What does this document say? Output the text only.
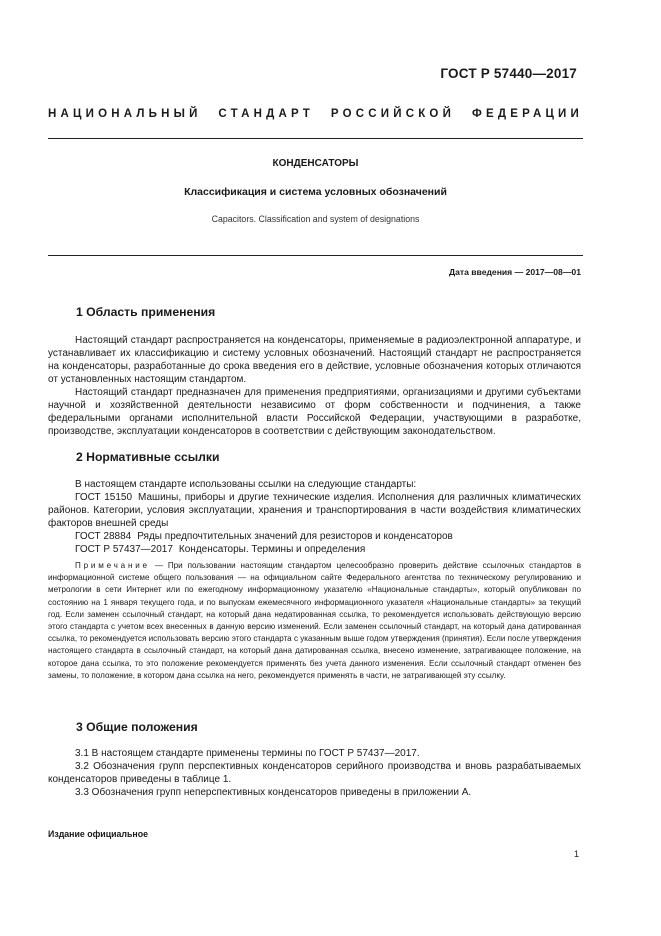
ГОСТ Р 57440—2017
НАЦИОНАЛЬНЫЙ СТАНДАРТ РОССИЙСКОЙ ФЕДЕРАЦИИ
КОНДЕНСАТОРЫ
Классификация и система условных обозначений
Capacitors. Classification and system of designations
Дата введения — 2017—08—01
1 Область применения

Настоящий стандарт распространяется на конденсаторы, применяемые в радиоэлектронной аппаратуре, и устанавливает их классификацию и систему условных обозначений. Настоящий стандарт не распространяется на конденсаторы, разработанные до срока введения его в действие, условные обозначения которых отличаются от установленных настоящим стандартом.

Настоящий стандарт предназначен для применения предприятиями, организациями и другими субъектами научной и хозяйственной деятельности независимо от форм собственности и подчинения, а также федеральными органами исполнительной власти Российской Федерации, участвующими в разработке, производстве, эксплуатации конденсаторов в соответствии с действующим законодательством.

2 Нормативные ссылки

В настоящем стандарте использованы ссылки на следующие стандарты:

ГОСТ 15150 Машины, приборы и другие технические изделия. Исполнения для различных климатических районов. Категории, условия эксплуатации, хранения и транспортирования в части воздействия климатических факторов внешней среды

ГОСТ 28884 Ряды предпочтительных значений для резисторов и конденсаторов

ГОСТ Р 57437—2017 Конденсаторы. Термины и определения

Примечание — При пользовании настоящим стандартом целесообразно проверить действие ссылочных стандартов в информационной системе общего пользования — на официальном сайте Федерального агентства по техническому регулированию и метрологии в сети Интернет или по ежегодному информационному указателю «Национальные стандарты», который опубликован по состоянию на 1 января текущего года, и по выпускам ежемесячного информационного указателя «Национальные стандарты» за текущий год. Если заменен ссылочный стандарт, на который дана недатированная ссылка, то рекомендуется использовать действующую версию этого стандарта с учетом всех внесенных в данную версию изменений. Если заменен ссылочный стандарт, на который дана датированная ссылка, то рекомендуется использовать версию этого стандарта с указанным выше годом утверждения (принятия). Если после утверждения настоящего стандарта в ссылочный стандарт, на который дана датированная ссылка, внесено изменение, затрагивающее положение, на которое дана ссылка, то это положение рекомендуется применять без учета данного изменения. Если ссылочный стандарт отменен без замены, то положение, в котором дана ссылка на него, рекомендуется применять в части, не затрагивающей эту ссылку.

3 Общие положения

3.1 В настоящем стандарте применены термины по ГОСТ Р 57437—2017.

3.2 Обозначения групп перспективных конденсаторов серийного производства и вновь разрабатываемых конденсаторов приведены в таблице 1.

3.3 Обозначения групп неперспективных конденсаторов приведены в приложении А.

Издание официальное
1
